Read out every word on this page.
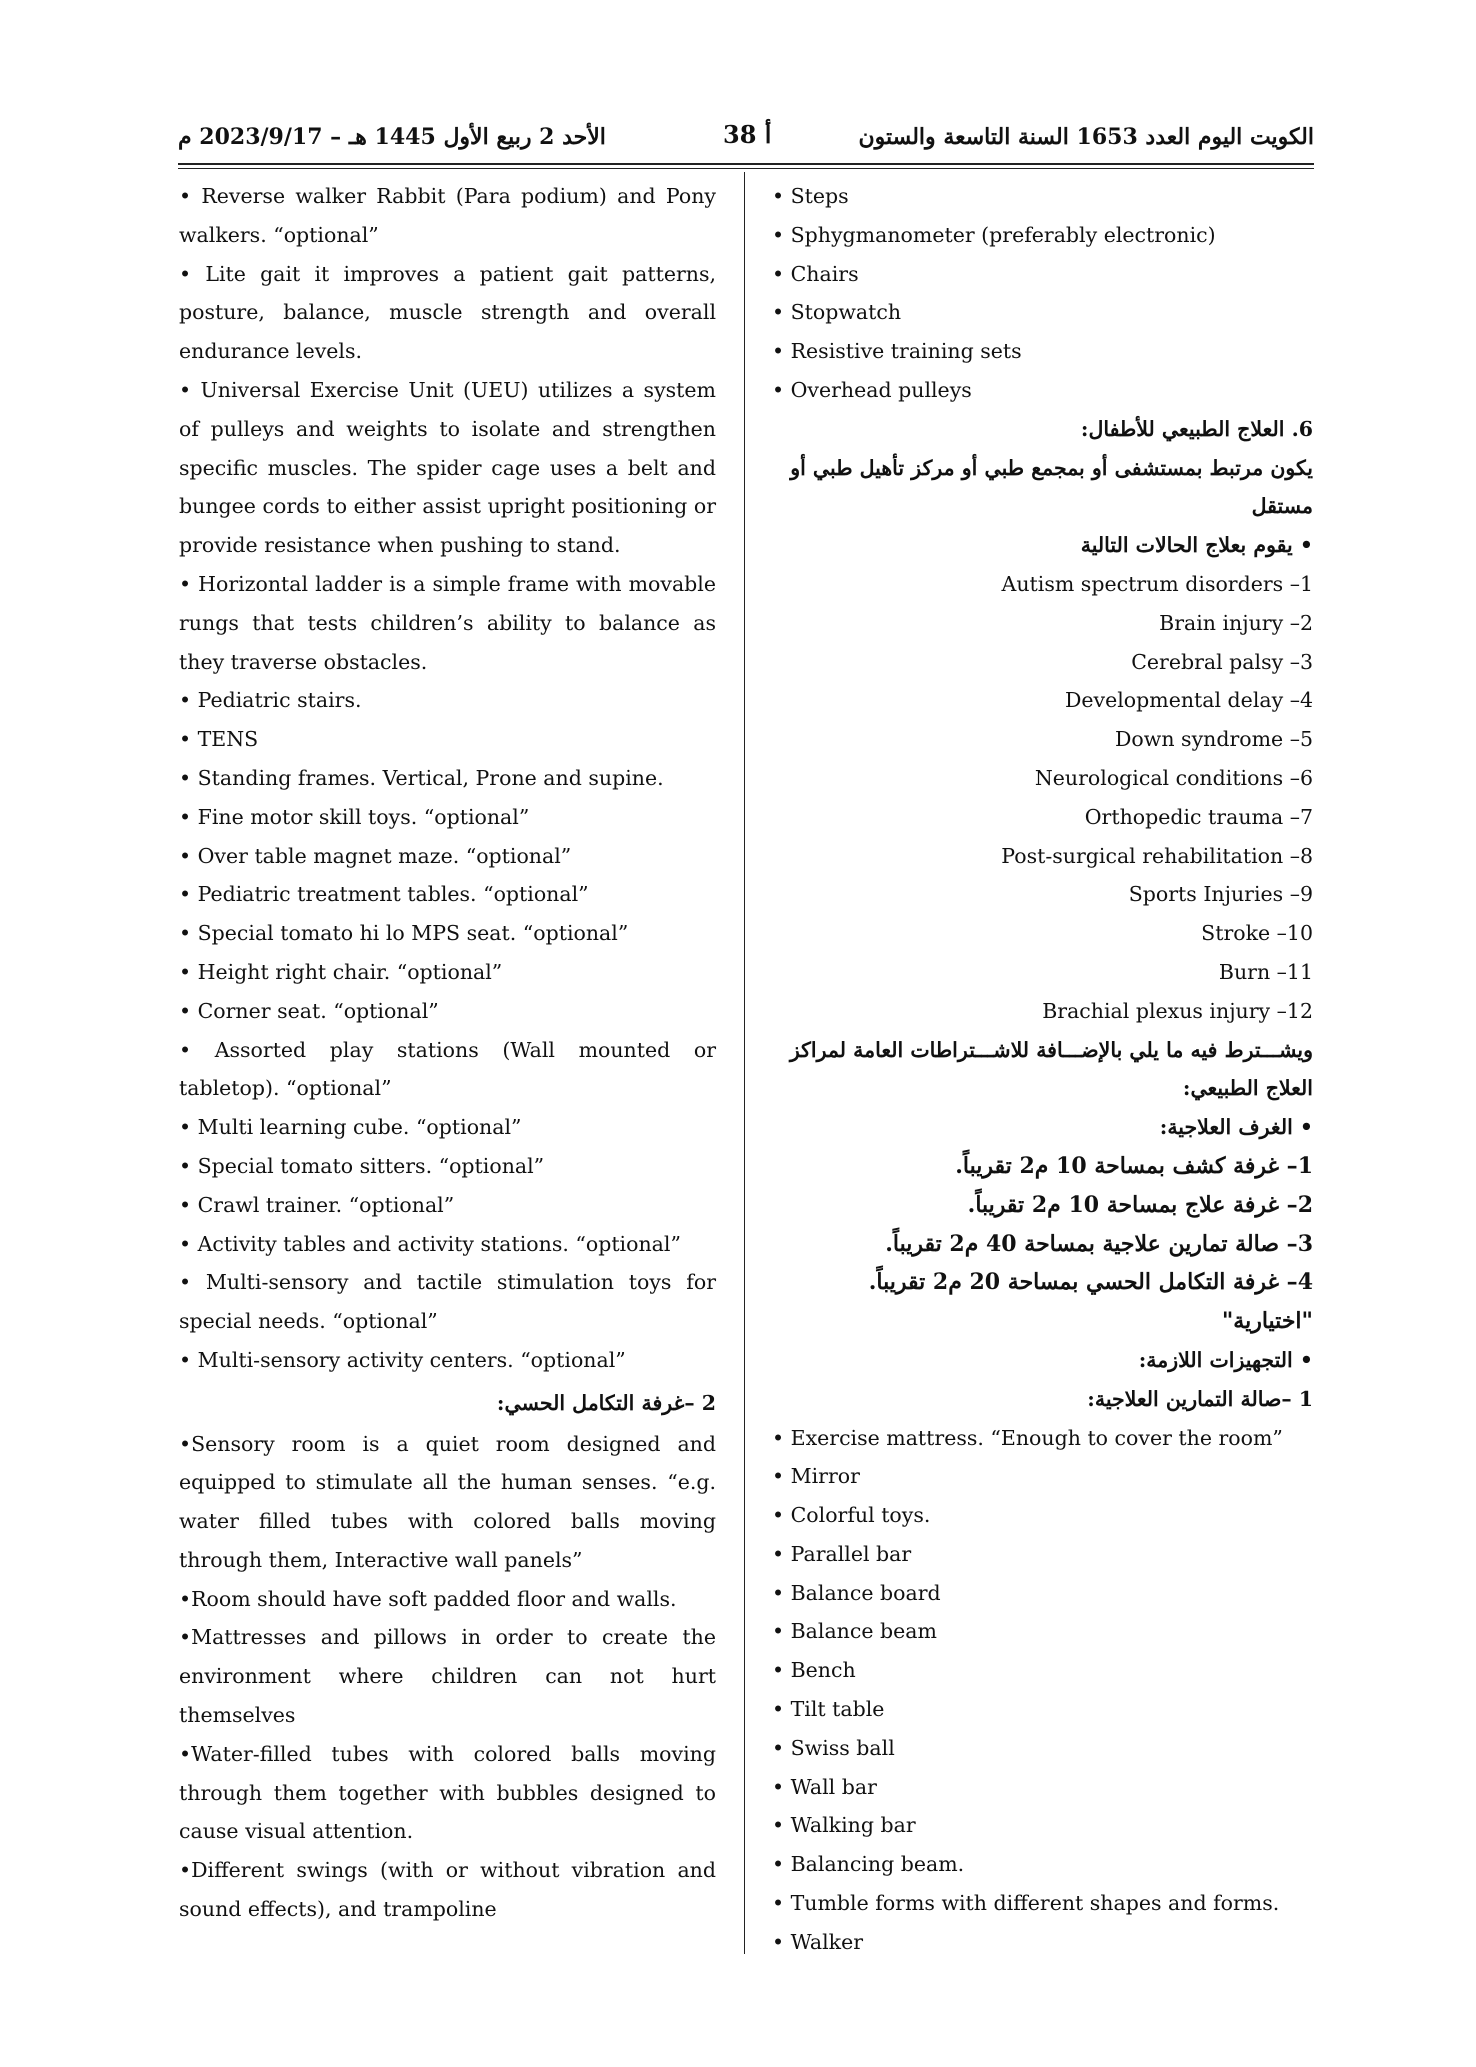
الأحد 2 ربيع الأول 1445 هـ – 2023/9/17 م	أ 38	الكويت اليوم العدد 1653 السنة التاسعة والستون

• Reverse walker Rabbit (Para podium) and Pony walkers. “optional”

• Lite gait it improves a patient gait patterns, posture, balance, muscle strength and overall endurance levels.

• Universal Exercise Unit (UEU) utilizes a system of pulleys and weights to isolate and strengthen specific muscles. The spider cage uses a belt and bungee cords to either assist upright positioning or provide resistance when pushing to stand.

• Horizontal ladder is a simple frame with movable rungs that tests children’s ability to balance as they traverse obstacles.

• Pediatric stairs.

• TENS

• Standing frames. Vertical, Prone and supine.

• Fine motor skill toys. “optional”

• Over table magnet maze. “optional”

• Pediatric treatment tables. “optional”

• Special tomato hi lo MPS seat. “optional”

• Height right chair. “optional”

• Corner seat. “optional”

• Assorted play stations (Wall mounted or tabletop). “optional”

• Multi learning cube. “optional”

• Special tomato sitters. “optional”

• Crawl trainer. “optional”

• Activity tables and activity stations. “optional”

• Multi-sensory and tactile stimulation toys for special needs. “optional”

• Multi-sensory activity centers. “optional”

2 –غرفة التكامل الحسي:

•Sensory room is a quiet room designed and equipped to stimulate all the human senses. “e.g. water filled tubes with colored balls moving through them, Interactive wall panels”

•Room should have soft padded floor and walls.

•Mattresses and pillows in order to create the environment where children can not hurt themselves

•Water-filled tubes with colored balls moving through them together with bubbles designed to cause visual attention.

•Different swings (with or without vibration and sound effects), and trampoline

• Steps

• Sphygmanometer (preferably electronic)

• Chairs

• Stopwatch

• Resistive training sets

• Overhead pulleys

6. العلاج الطبيعي للأطفال:

يكون مرتبط بمستشفى أو بمجمع طبي أو مركز تأهيل طبي أو مستقل

• يقوم بعلاج الحالات التالية

Autism spectrum disorders –1

Brain injury –2

Cerebral palsy –3

Developmental delay –4

Down syndrome –5

Neurological conditions –6

Orthopedic trauma –7

Post-surgical rehabilitation –8

Sports Injuries –9

Stroke –10

Burn –11

Brachial plexus injury –12

ويشـــترط فيه ما يلي بالإضـــافة للاشـــتراطات العامة لمراكز العلاج الطبيعي:

• الغرف العلاجية:

1– غرفة كشف بمساحة 10 م2 تقريباً.

2– غرفة علاج بمساحة 10 م2 تقريباً.

3– صالة تمارين علاجية بمساحة 40 م2 تقريباً.

4– غرفة التكامل الحسي بمساحة 20 م2 تقريباً. "اختيارية"

• التجهيزات اللازمة:

1 –صالة التمارين العلاجية:

• Exercise mattress. “Enough to cover the room”

• Mirror

• Colorful toys.

• Parallel bar

• Balance board

• Balance beam

• Bench

• Tilt table

• Swiss ball

• Wall bar

• Walking bar

• Balancing beam.

• Tumble forms with different shapes and forms.

• Walker
